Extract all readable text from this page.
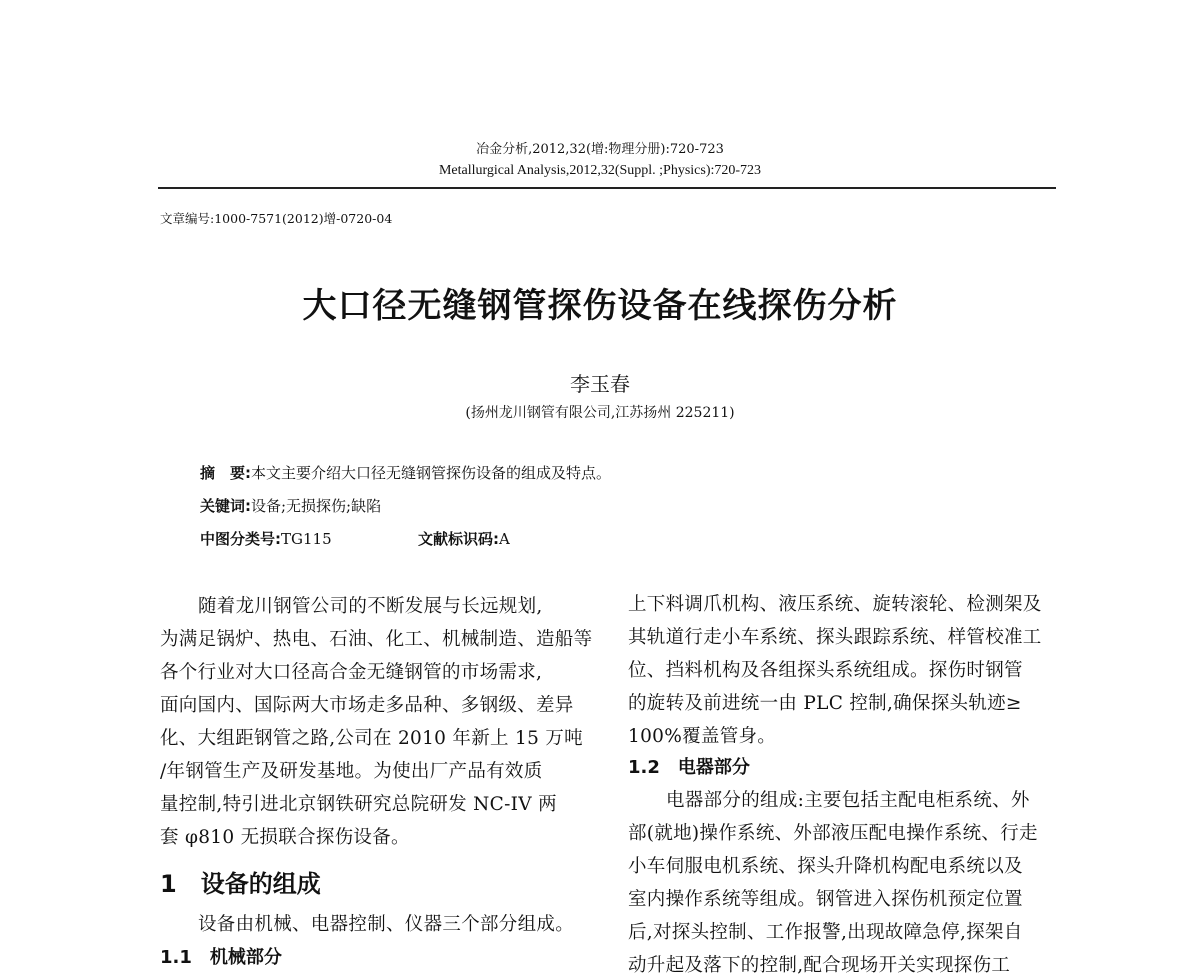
冶金分析,2012,32(增:物理分册):720-723
Metallurgical Analysis,2012,32(Suppl. ;Physics):720-723
文章编号:1000-7571(2012)增-0720-04
大口径无缝钢管探伤设备在线探伤分析
李玉春
(扬州龙川钢管有限公司,江苏扬州 225211)
摘　要:本文主要介绍大口径无缝钢管探伤设备的组成及特点。
关键词:设备;无损探伤;缺陷
中图分类号:TG115	文献标识码:A
随着龙川钢管公司的不断发展与长远规划,
为满足锅炉、热电、石油、化工、机械制造、造船等
各个行业对大口径高合金无缝钢管的市场需求,
面向国内、国际两大市场走多品种、多钢级、差异
化、大组距钢管之路,公司在 2010 年新上 15 万吨
/年钢管生产及研发基地。为使出厂产品有效质
量控制,特引进北京钢铁研究总院研发 NC-IV 两
套 φ810 无损联合探伤设备。
1　设备的组成
设备由机械、电器控制、仪器三个部分组成。
1.1　机械部分
上下料调爪机构、液压系统、旋转滚轮、检测架及
其轨道行走小车系统、探头跟踪系统、样管校准工
位、挡料机构及各组探头系统组成。探伤时钢管
的旋转及前进统一由 PLC 控制,确保探头轨迹≥
100%覆盖管身。
1.2　电器部分
电器部分的组成:主要包括主配电柜系统、外
部(就地)操作系统、外部液压配电操作系统、行走
小车伺服电机系统、探头升降机构配电系统以及
室内操作系统等组成。钢管进入探伤机预定位置
后,对探头控制、工作报警,出现故障急停,探架自
动升起及落下的控制,配合现场开关实现探伤工
